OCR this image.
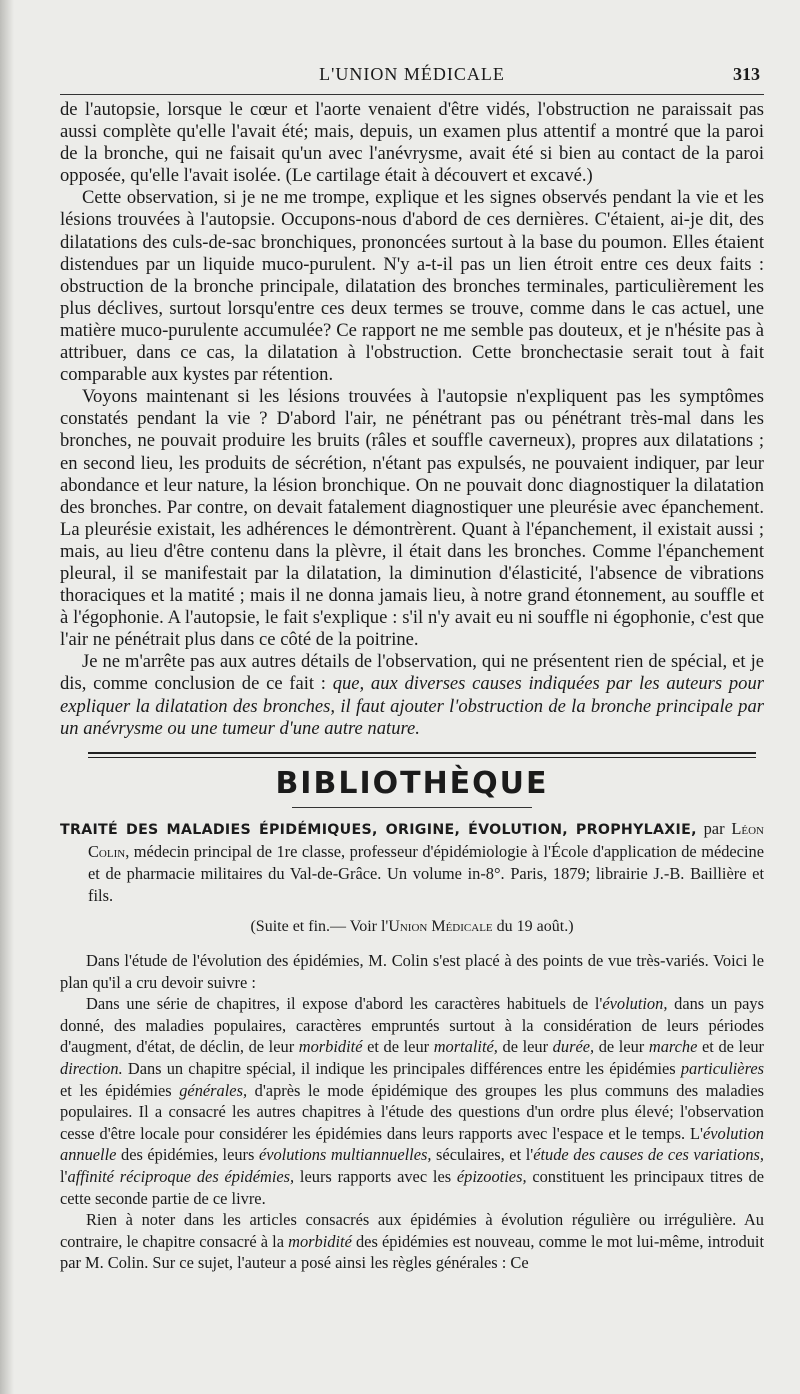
L'UNION MÉDICALE	313

de l'autopsie, lorsque le cœur et l'aorte venaient d'être vidés, l'obstruction ne paraissait pas aussi complète qu'elle l'avait été; mais, depuis, un examen plus attentif a montré que la paroi de la bronche, qui ne faisait qu'un avec l'anévrysme, avait été si bien au contact de la paroi opposée, qu'elle l'avait isolée. (Le cartilage était à découvert et excavé.)

Cette observation, si je ne me trompe, explique et les signes observés pendant la vie et les lésions trouvées à l'autopsie. Occupons-nous d'abord de ces dernières. C'étaient, ai-je dit, des dilatations des culs-de-sac bronchiques, prononcées surtout à la base du poumon. Elles étaient distendues par un liquide muco-purulent. N'y a-t-il pas un lien étroit entre ces deux faits : obstruction de la bronche principale, dilatation des bronches terminales, particulièrement les plus déclives, surtout lorsqu'entre ces deux termes se trouve, comme dans le cas actuel, une matière muco-purulente accumulée? Ce rapport ne me semble pas douteux, et je n'hésite pas à attribuer, dans ce cas, la dilatation à l'obstruction. Cette bronchectasie serait tout à fait comparable aux kystes par rétention.

Voyons maintenant si les lésions trouvées à l'autopsie n'expliquent pas les symptômes constatés pendant la vie ? D'abord l'air, ne pénétrant pas ou pénétrant très-mal dans les bronches, ne pouvait produire les bruits (râles et souffle caverneux), propres aux dilatations ; en second lieu, les produits de sécrétion, n'étant pas expulsés, ne pouvaient indiquer, par leur abondance et leur nature, la lésion bronchique. On ne pouvait donc diagnostiquer la dilatation des bronches. Par contre, on devait fatalement diagnostiquer une pleurésie avec épanchement. La pleurésie existait, les adhérences le démontrèrent. Quant à l'épanchement, il existait aussi ; mais, au lieu d'être contenu dans la plèvre, il était dans les bronches. Comme l'épanchement pleural, il se manifestait par la dilatation, la diminution d'élasticité, l'absence de vibrations thoraciques et la matité ; mais il ne donna jamais lieu, à notre grand étonnement, au souffle et à l'égophonie. A l'autopsie, le fait s'explique : s'il n'y avait eu ni souffle ni égophonie, c'est que l'air ne pénétrait plus dans ce côté de la poitrine.

Je ne m'arrête pas aux autres détails de l'observation, qui ne présentent rien de spécial, et je dis, comme conclusion de ce fait : que, aux diverses causes indiquées par les auteurs pour expliquer la dilatation des bronches, il faut ajouter l'obstruction de la bronche principale par un anévrysme ou une tumeur d'une autre nature.

BIBLIOTHÈQUE

TRAITÉ DES MALADIES ÉPIDÉMIQUES, ORIGINE, ÉVOLUTION, PROPHYLAXIE, par Léon Colin, médecin principal de 1re classe, professeur d'épidémiologie à l'École d'application de médecine et de pharmacie militaires du Val-de-Grâce. Un volume in-8°. Paris, 1879; librairie J.-B. Baillière et fils.

(Suite et fin.— Voir l'Union Médicale du 19 août.)

Dans l'étude de l'évolution des épidémies, M. Colin s'est placé à des points de vue très-variés. Voici le plan qu'il a cru devoir suivre :

Dans une série de chapitres, il expose d'abord les caractères habituels de l'évolution, dans un pays donné, des maladies populaires, caractères empruntés surtout à la considération de leurs périodes d'augment, d'état, de déclin, de leur morbidité et de leur mortalité, de leur durée, de leur marche et de leur direction. Dans un chapitre spécial, il indique les principales différences entre les épidémies particulières et les épidémies générales, d'après le mode épidémique des groupes les plus communs des maladies populaires. Il a consacré les autres chapitres à l'étude des questions d'un ordre plus élevé; l'observation cesse d'être locale pour considérer les épidémies dans leurs rapports avec l'espace et le temps. L'évolution annuelle des épidémies, leurs évolutions multiannuelles, séculaires, et l'étude des causes de ces variations, l'affinité réciproque des épidémies, leurs rapports avec les épizooties, constituent les principaux titres de cette seconde partie de ce livre.

Rien à noter dans les articles consacrés aux épidémies à évolution régulière ou irrégulière. Au contraire, le chapitre consacré à la morbidité des épidémies est nouveau, comme le mot lui-même, introduit par M. Colin. Sur ce sujet, l'auteur a posé ainsi les règles générales : Ce
